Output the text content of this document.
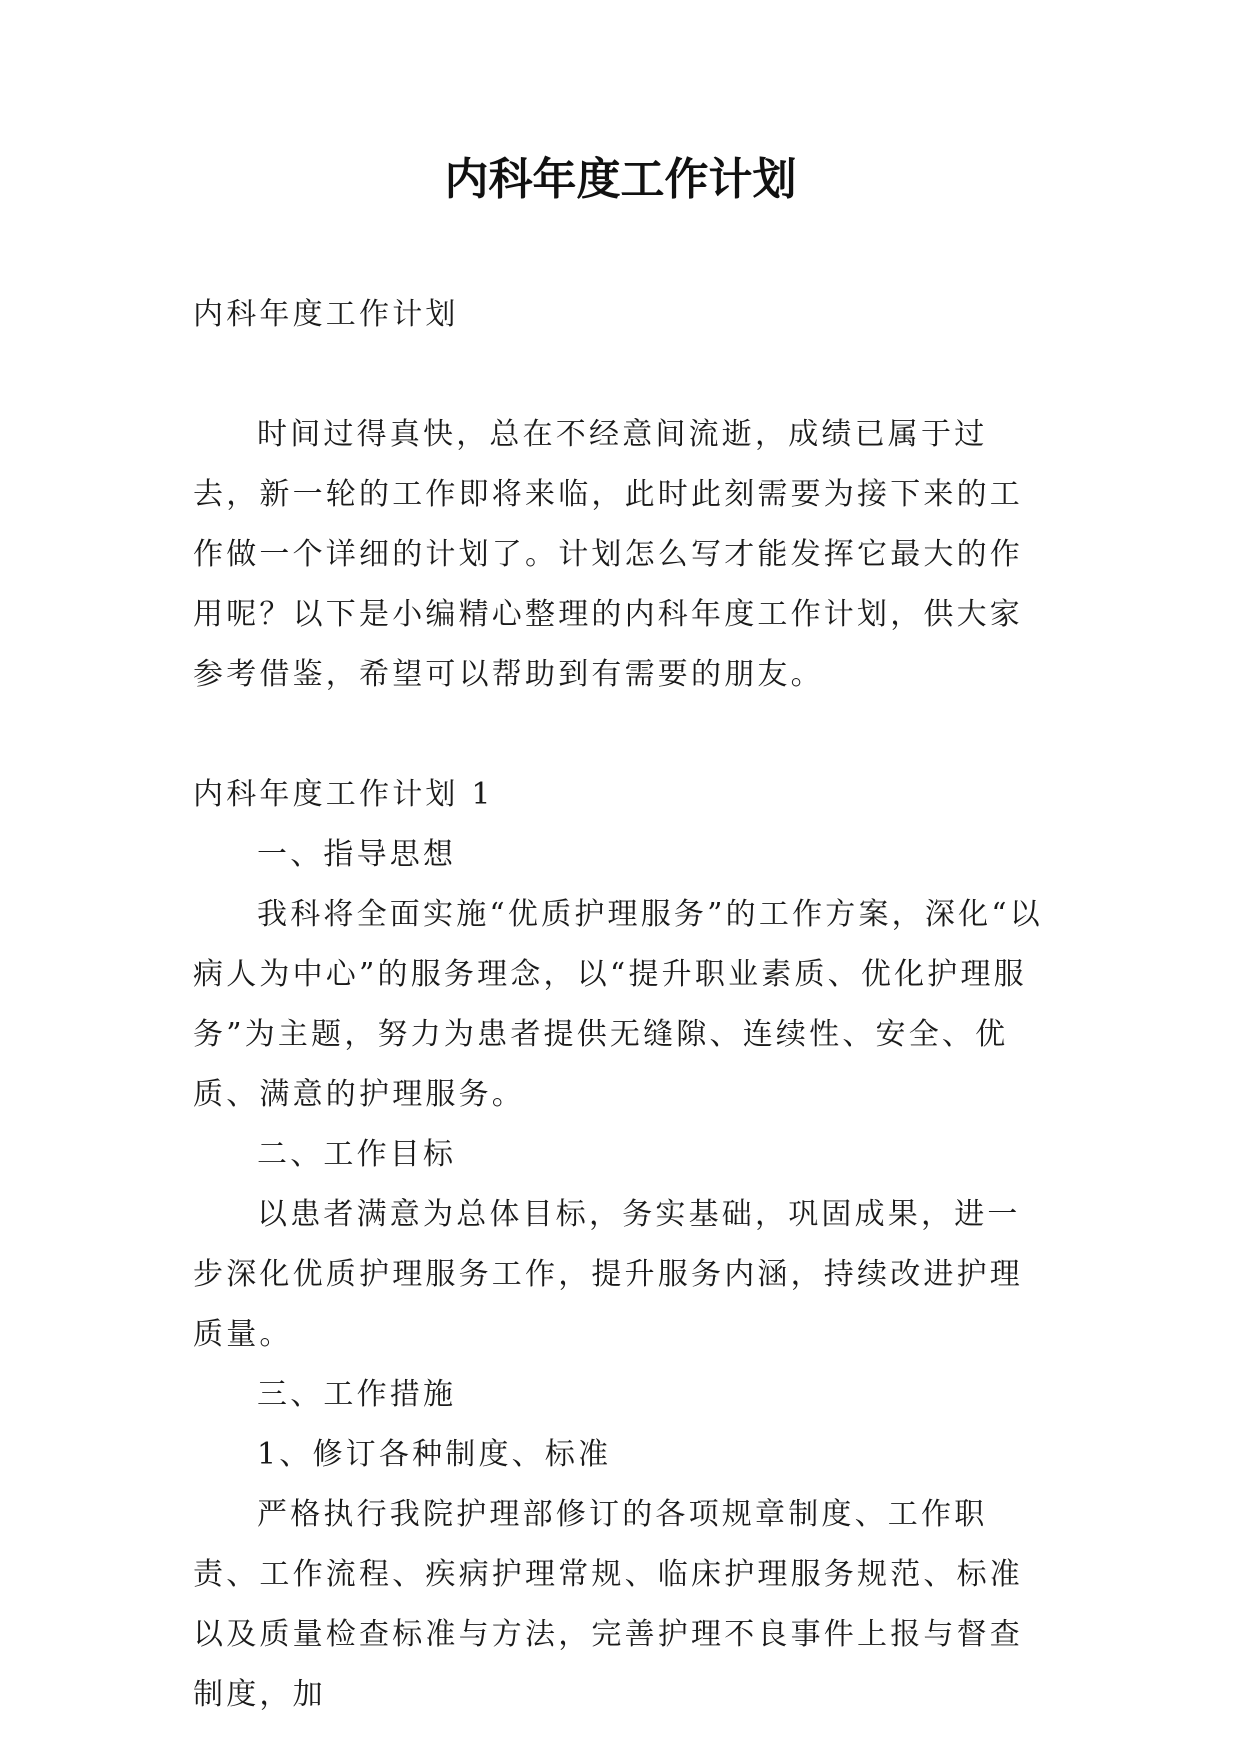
内科年度工作计划

内科年度工作计划

时间过得真快，总在不经意间流逝，成绩已属于过去，新一轮的工作即将来临，此时此刻需要为接下来的工作做一个详细的计划了。计划怎么写才能发挥它最大的作用呢？以下是小编精心整理的内科年度工作计划，供大家参考借鉴，希望可以帮助到有需要的朋友。

内科年度工作计划 1

一、指导思想

我科将全面实施“优质护理服务”的工作方案，深化“以病人为中心”的服务理念，以“提升职业素质、优化护理服务”为主题，努力为患者提供无缝隙、连续性、安全、优质、满意的护理服务。

二、工作目标

以患者满意为总体目标，务实基础，巩固成果，进一步深化优质护理服务工作，提升服务内涵，持续改进护理质量。

三、工作措施

1、修订各种制度、标准

严格执行我院护理部修订的各项规章制度、工作职责、工作流程、疾病护理常规、临床护理服务规范、标准以及质量检查标准与方法，完善护理不良事件上报与督查制度，加
